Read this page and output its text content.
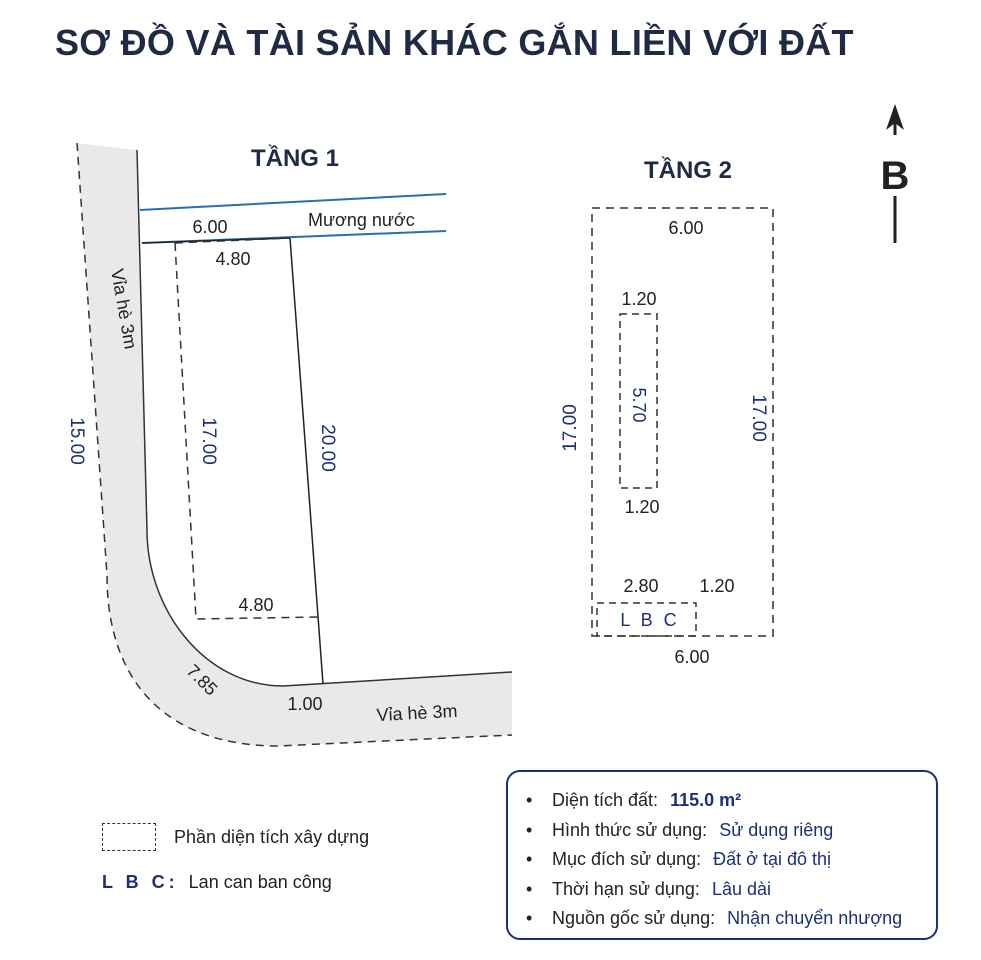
SƠ ĐỒ VÀ TÀI SẢN KHÁC GẮN LIỀN VỚI ĐẤT
B
TẦNG 1	TẦNG 2
Mương nước
6.00
4.80
4.80
1.00
7.85
17.00	20.00
15.00
Vỉa hè 3m
Vỉa hè 3m
6.00
6.00
17.00	17.00
1.20
1.20
5.70
2.80 1.20
L B C
Phần diện tích xây dựng
L B C: Lan can ban công
•	Diện tích đất: 115.0 m²
•	Hình thức sử dụng: Sử dụng riêng
•	Mục đích sử dụng: Đất ở tại đô thị
•	Thời hạn sử dụng: Lâu dài
•	Nguồn gốc sử dụng: Nhận chuyển nhượng
